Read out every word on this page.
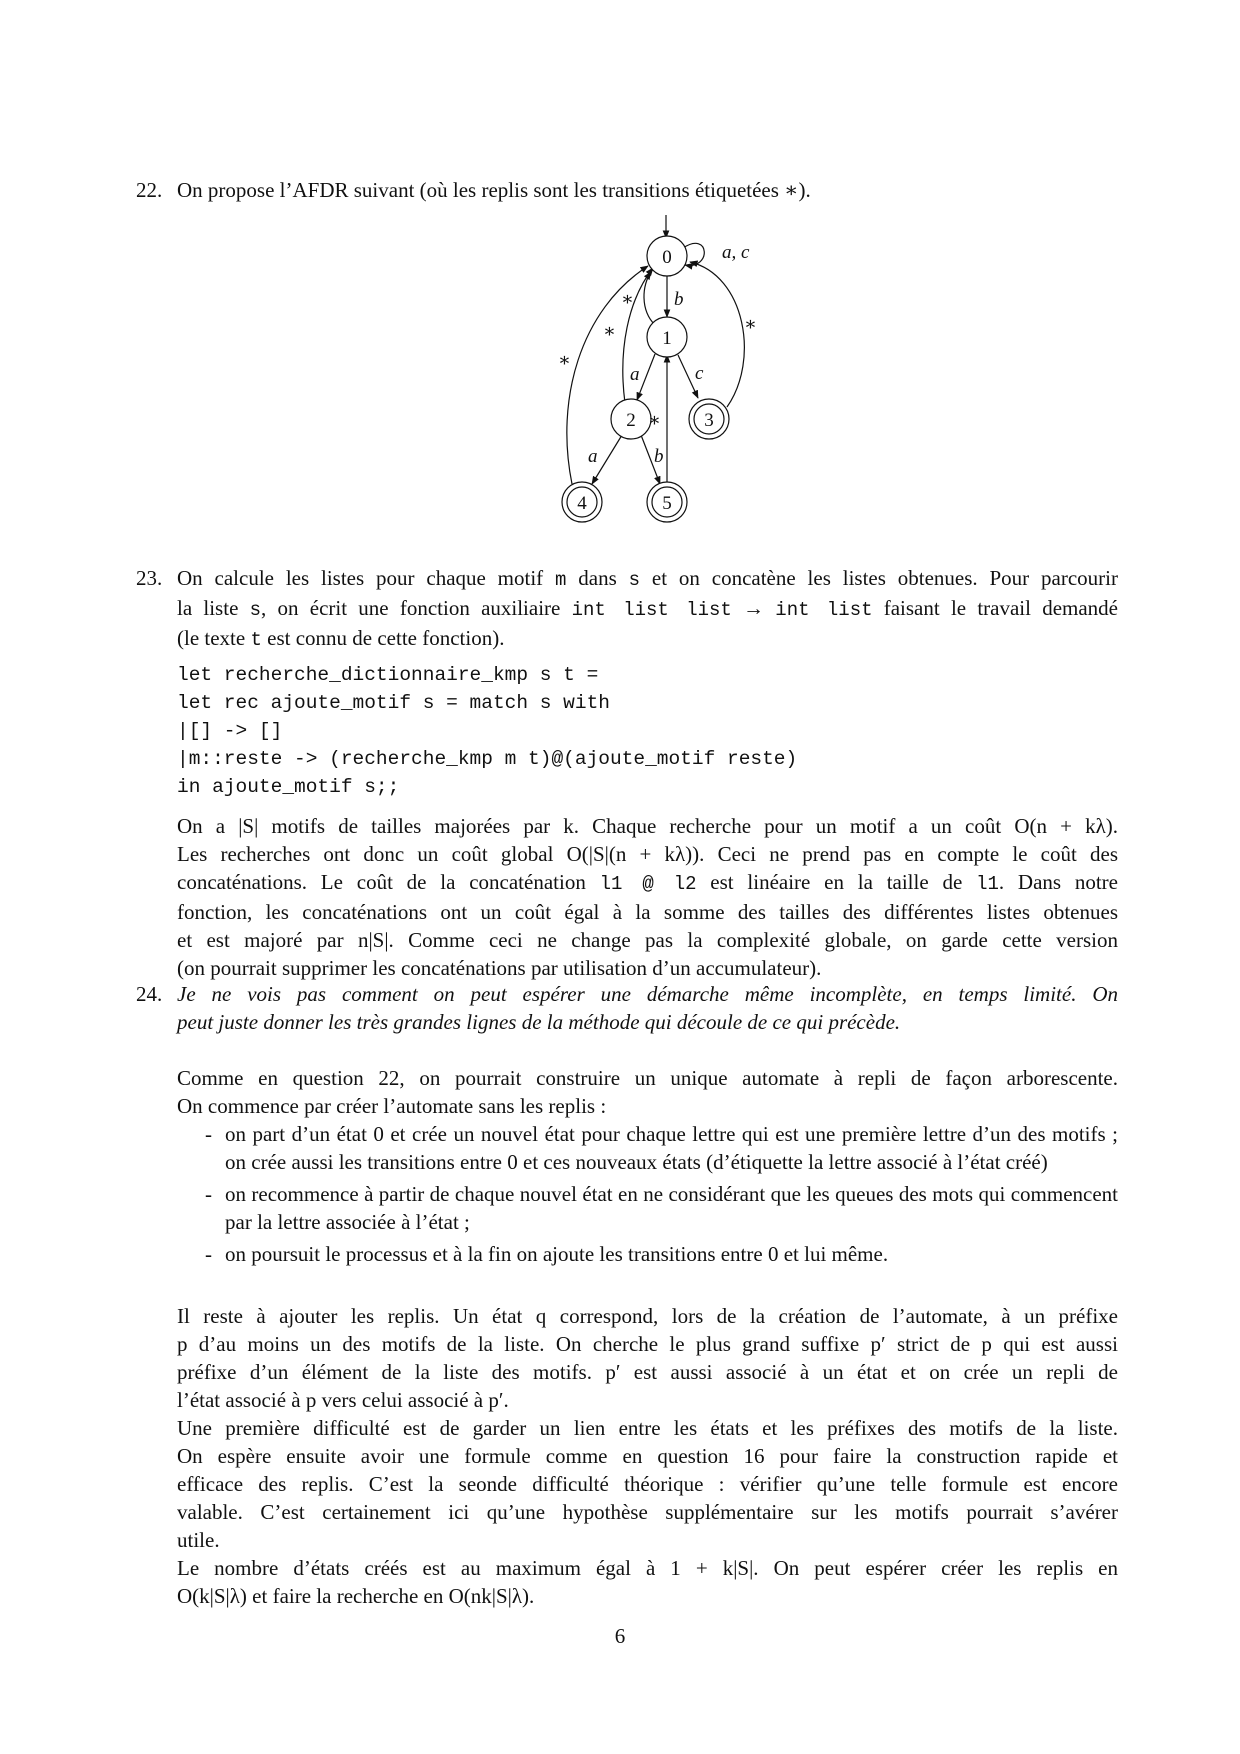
22. On propose l’AFDR suivant (où les replis sont les transitions étiquetées ∗).
0
1
2	3
4	5
a, c
b
a	c
a	b
∗
∗
∗
∗
∗
23. On calcule les listes pour chaque motif m dans s et on concatène les listes obtenues. Pour parcourir
la liste s, on écrit une fonction auxiliaire int list list → int list faisant le travail demandé
(le texte t est connu de cette fonction).
let recherche_dictionnaire_kmp s t =
let rec ajoute_motif s = match s with
|[] -> []
|m::reste -> (recherche_kmp m t)@(ajoute_motif reste)
in ajoute_motif s;;
On a |S| motifs de tailles majorées par k. Chaque recherche pour un motif a un coût O(n + kλ).
Les recherches ont donc un coût global O(|S|(n + kλ)). Ceci ne prend pas en compte le coût des
concaténations. Le coût de la concaténation l1 @ l2 est linéaire en la taille de l1. Dans notre
fonction, les concaténations ont un coût égal à la somme des tailles des différentes listes obtenues
et est majoré par n|S|. Comme ceci ne change pas la complexité globale, on garde cette version
(on pourrait supprimer les concaténations par utilisation d’un accumulateur).
24. Je ne vois pas comment on peut espérer une démarche même incomplète, en temps limité. On
peut juste donner les très grandes lignes de la méthode qui découle de ce qui précède.
Comme en question 22, on pourrait construire un unique automate à repli de façon arborescente.
On commence par créer l’automate sans les replis :
- on part d’un état 0 et crée un nouvel état pour chaque lettre qui est une première lettre d’un des motifs ; on crée aussi les transitions entre 0 et ces nouveaux états (d’étiquette la lettre associé à l’état créé)
- on recommence à partir de chaque nouvel état en ne considérant que les queues des mots qui commencent par la lettre associée à l’état ;
- on poursuit le processus et à la fin on ajoute les transitions entre 0 et lui même.
Il reste à ajouter les replis. Un état q correspond, lors de la création de l’automate, à un préfixe
p d’au moins un des motifs de la liste. On cherche le plus grand suffixe p′ strict de p qui est aussi
préfixe d’un élément de la liste des motifs. p′ est aussi associé à un état et on crée un repli de
l’état associé à p vers celui associé à p′.
Une première difficulté est de garder un lien entre les états et les préfixes des motifs de la liste.
On espère ensuite avoir une formule comme en question 16 pour faire la construction rapide et
efficace des replis. C’est la seonde difficulté théorique : vérifier qu’une telle formule est encore
valable. C’est certainement ici qu’une hypothèse supplémentaire sur les motifs pourrait s’avérer
utile.
Le nombre d’états créés est au maximum égal à 1 + k|S|. On peut espérer créer les replis en
O(k|S|λ) et faire la recherche en O(nk|S|λ).
6
